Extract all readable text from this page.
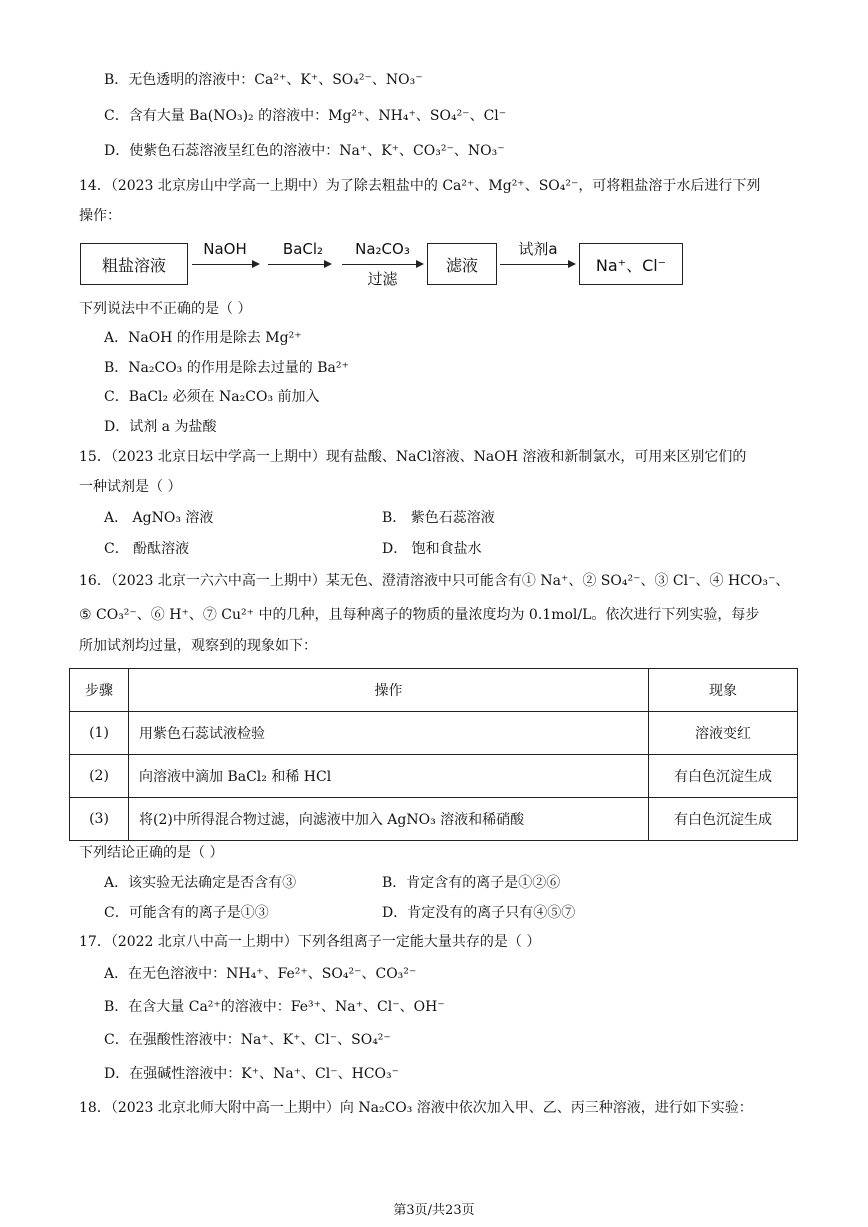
B．无色透明的溶液中：Ca²⁺、K⁺、SO₄²⁻、NO₃⁻
C．含有大量 Ba(NO₃)₂ 的溶液中：Mg²⁺、NH₄⁺、SO₄²⁻、Cl⁻
D．使紫色石蕊溶液呈红色的溶液中：Na⁺、K⁺、CO₃²⁻、NO₃⁻
14．（2023 北京房山中学高一上期中）为了除去粗盐中的 Ca²⁺、Mg²⁺、SO₄²⁻，可将粗盐溶于水后进行下列
操作：
粗盐溶液
NaOH	BaCl₂	Na₂CO₃
过滤
滤液
试剂a
Na⁺、Cl⁻
下列说法中不正确的是（ ）
A．NaOH 的作用是除去 Mg²⁺
B．Na₂CO₃ 的作用是除去过量的 Ba²⁺
C．BaCl₂ 必须在 Na₂CO₃ 前加入
D．试剂 a 为盐酸
15．（2023 北京日坛中学高一上期中）现有盐酸、NaCl溶液、NaOH 溶液和新制氯水，可用来区别它们的
一种试剂是（ ）
A． AgNO₃ 溶液	B． 紫色石蕊溶液
C． 酚酞溶液	D． 饱和食盐水
16．（2023 北京一六六中高一上期中）某无色、澄清溶液中只可能含有① Na⁺、② SO₄²⁻、③ Cl⁻、④ HCO₃⁻、
⑤ CO₃²⁻、⑥ H⁺、⑦ Cu²⁺ 中的几种，且每种离子的物质的量浓度均为 0.1mol/L。依次进行下列实验，每步
所加试剂均过量，观察到的现象如下：
步骤	操作	现象
(1)	用紫色石蕊试液检验	溶液变红
(2)	向溶液中滴加 BaCl₂ 和稀 HCl	有白色沉淀生成
(3)	将(2)中所得混合物过滤，向滤液中加入 AgNO₃ 溶液和稀硝酸	有白色沉淀生成
下列结论正确的是（ ）
A．该实验无法确定是否含有③	B．肯定含有的离子是①②⑥
C．可能含有的离子是①③	D．肯定没有的离子只有④⑤⑦
17．（2022 北京八中高一上期中）下列各组离子一定能大量共存的是（ ）
A．在无色溶液中：NH₄⁺、Fe²⁺、SO₄²⁻、CO₃²⁻
B．在含大量 Ca²⁺的溶液中：Fe³⁺、Na⁺、Cl⁻、OH⁻
C．在强酸性溶液中：Na⁺、K⁺、Cl⁻、SO₄²⁻
D．在强碱性溶液中：K⁺、Na⁺、Cl⁻、HCO₃⁻
18．（2023 北京北师大附中高一上期中）向 Na₂CO₃ 溶液中依次加入甲、乙、丙三种溶液，进行如下实验：
第3页/共23页
